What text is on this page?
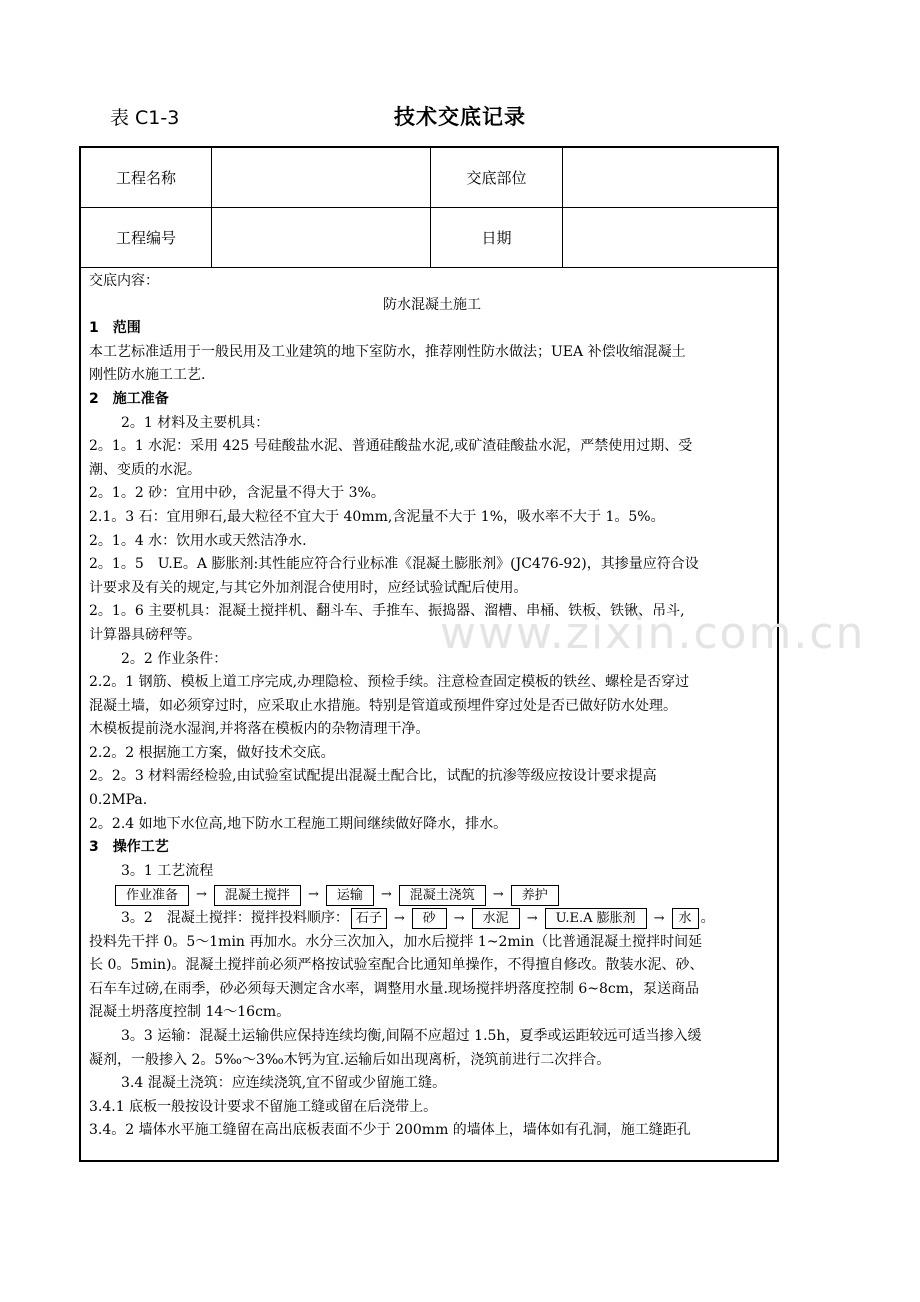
表 C1-3	技术交底记录
工程名称	交底部位
工程编号	日期
交底内容：
防水混凝土施工
1　范围
本工艺标准适用于一般民用及工业建筑的地下室防水，推荐刚性防水做法；UEA 补偿收缩混凝土
刚性防水施工工艺.
2　施工准备
2。1 材料及主要机具：
2。1。1 水泥：采用 425 号硅酸盐水泥、普通硅酸盐水泥,或矿渣硅酸盐水泥，严禁使用过期、受
潮、变质的水泥。
2。1。2 砂：宜用中砂，含泥量不得大于 3%。
2.1。3 石：宜用卵石,最大粒径不宜大于 40mm,含泥量不大于 1%，吸水率不大于 1。5%。
2。1。4 水：饮用水或天然洁净水.
2。1。5　U.E。A 膨胀剂:其性能应符合行业标准《混凝土膨胀剂》(JC476-92)，其掺量应符合设
计要求及有关的规定,与其它外加剂混合使用时，应经试验试配后使用。
2。1。6 主要机具：混凝土搅拌机、翻斗车、手推车、振捣器、溜槽、串桶、铁板、铁锹、吊斗,
计算器具磅秤等。
2。2 作业条件：
2.2。1 钢筋、模板上道工序完成,办理隐检、预检手续。注意检查固定模板的铁丝、螺栓是否穿过
混凝土墙，如必须穿过时，应采取止水措施。特别是管道或预埋件穿过处是否已做好防水处理。
木模板提前浇水湿润,并将落在模板内的杂物清理干净。
2.2。2 根据施工方案，做好技术交底。
2。2。3 材料需经检验,由试验室试配提出混凝土配合比，试配的抗渗等级应按设计要求提高
0.2MPa.
2。2.4 如地下水位高,地下防水工程施工期间继续做好降水，排水。
3　操作工艺
3。1 工艺流程
作业准备	→	混凝土搅拌	→	运输	→	混凝土浇筑	→	养护
3。2　混凝土搅拌：搅拌投料顺序： 石子 →	砂	→	水泥	→	U.E.A 膨胀剂	→	水 。
投料先干拌 0。5～1min 再加水。水分三次加入，加水后搅拌 1~2min（比普通混凝土搅拌时间延
长 0。5min)。混凝土搅拌前必须严格按试验室配合比通知单操作，不得擅自修改。散装水泥、砂、
石车车过磅,在雨季，砂必须每天测定含水率，调整用水量.现场搅拌坍落度控制 6~8cm，泵送商品
混凝土坍落度控制 14～16cm。
3。3 运输：混凝土运输供应保持连续均衡,间隔不应超过 1.5h，夏季或运距较远可适当掺入缓
凝剂，一般掺入 2。5‰～3‰木钙为宜.运输后如出现离析，浇筑前进行二次拌合。
3.4 混凝土浇筑：应连续浇筑,宜不留或少留施工缝。
3.4.1 底板一般按设计要求不留施工缝或留在后浇带上。
3.4。2 墙体水平施工缝留在高出底板表面不少于 200mm 的墙体上，墙体如有孔洞，施工缝距孔
www.zixin.com.cn
